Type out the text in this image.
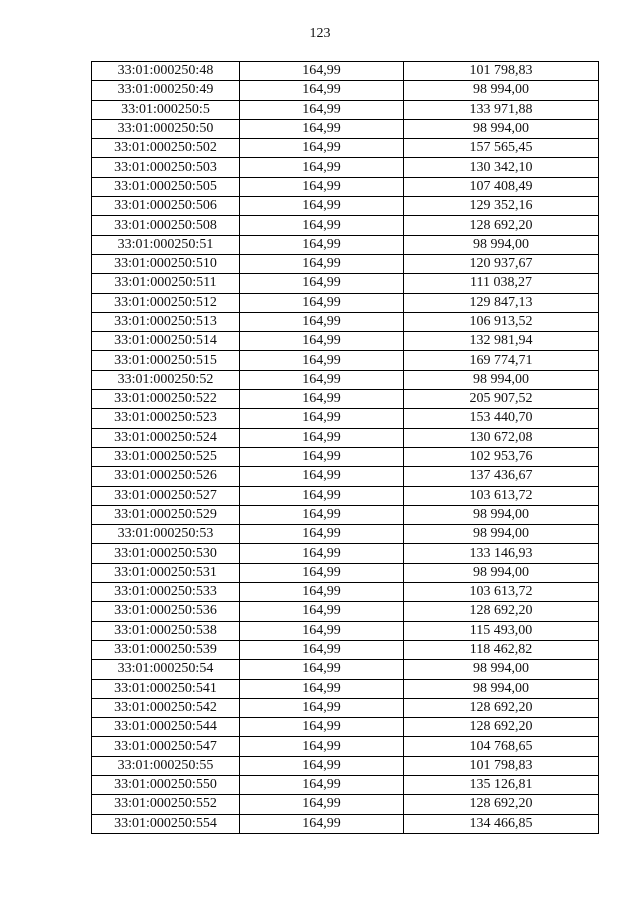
123
33:01:000250:48	164,99	101 798,83
33:01:000250:49	164,99	98 994,00
33:01:000250:5	164,99	133 971,88
33:01:000250:50	164,99	98 994,00
33:01:000250:502	164,99	157 565,45
33:01:000250:503	164,99	130 342,10
33:01:000250:505	164,99	107 408,49
33:01:000250:506	164,99	129 352,16
33:01:000250:508	164,99	128 692,20
33:01:000250:51	164,99	98 994,00
33:01:000250:510	164,99	120 937,67
33:01:000250:511	164,99	111 038,27
33:01:000250:512	164,99	129 847,13
33:01:000250:513	164,99	106 913,52
33:01:000250:514	164,99	132 981,94
33:01:000250:515	164,99	169 774,71
33:01:000250:52	164,99	98 994,00
33:01:000250:522	164,99	205 907,52
33:01:000250:523	164,99	153 440,70
33:01:000250:524	164,99	130 672,08
33:01:000250:525	164,99	102 953,76
33:01:000250:526	164,99	137 436,67
33:01:000250:527	164,99	103 613,72
33:01:000250:529	164,99	98 994,00
33:01:000250:53	164,99	98 994,00
33:01:000250:530	164,99	133 146,93
33:01:000250:531	164,99	98 994,00
33:01:000250:533	164,99	103 613,72
33:01:000250:536	164,99	128 692,20
33:01:000250:538	164,99	115 493,00
33:01:000250:539	164,99	118 462,82
33:01:000250:54	164,99	98 994,00
33:01:000250:541	164,99	98 994,00
33:01:000250:542	164,99	128 692,20
33:01:000250:544	164,99	128 692,20
33:01:000250:547	164,99	104 768,65
33:01:000250:55	164,99	101 798,83
33:01:000250:550	164,99	135 126,81
33:01:000250:552	164,99	128 692,20
33:01:000250:554	164,99	134 466,85
